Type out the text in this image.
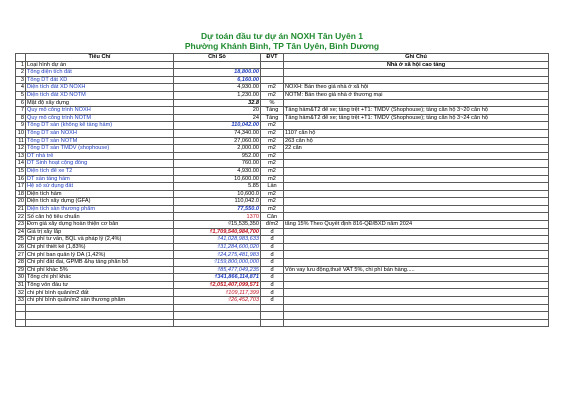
Dự toán đầu tư dự án NOXH Tân Uyên 1
Phường Khánh Bình, TP Tân Uyên, Bình Dương
	Tiêu Chí	Chỉ Số	ĐVT	Ghi Chú
1	Loại hình dự án			Nhà ở xã hội cao tầng
2	Tổng diện tích đất	18,800.00		
3	Tổng DT đất XD	6,160.00		
4	Diện tích đất XD NOXH	4,930.00	m2	NOXH: Bán theo giá nhà ở xã hội
5	Diện tích đất XD NOTM	1,230.00	m2	NOTM: Bán theo giá nhà ở thương mại
6	Mật độ xây dựng	32.8	%	
7	Quy mô công trình NOXH	20	Tầng	Tầng hầm&T2 để xe; tầng trệt +T1: TMDV (Shophouse); tầng căn hộ 3~20 căn hộ
8	Quy mô công trình NOTM	24	Tầng	Tầng hầm&T2 để xe; tầng trệt +T1: TMDV (Shophouse); tầng căn hộ 3~24 căn hộ
9	Tổng DT sàn (không kể tầng hầm)	110,042.00	m2	
10	Tổng DT sàn NOXH	74,340.00	m2	1107 căn hộ
11	Tổng DT sàn NOTM	27,060.00	m2	263 căn hộ
12	Tổng DT sàn TMDV (shophouse)	2,000.00	m2	22 căn
13	DT nhà trẻ	952.00	m2	
14	DT Sinh hoạt cộng đồng	760.00	m2	
15	Diện tích để xe T2	4,930.00	m2	
16	DT sàn tầng hầm	10,600.00	m2	
17	Hệ số sử dụng đất	5.85	Lần	
18	Diện tích hầm	10,600.0	m2	
20	Diện tích xây dựng (GFA)	110,042.0	m2	
21	Diện tích sàn thương phẩm	77,550.0	m2	
22	Số căn hộ tiêu chuẩn	1370	Căn	
23	Đơn giá xây dựng hoàn thiện cơ bản	₫15,535,350	đ/m2	tăng 15% Theo Quyết định 816-QĐ/BXD năm 2024
24	Giá trị xây lắp	₫1,709,540,984,700	đ	
25	Chi phí tư vấn, BQL và pháp lý (2,4%)	₫41,028,983,633	đ	
26	Chi phí thiết kế (1,83%)	₫31,284,600,020	đ	
27	Chi phí ban quản lý DA (1,42%)	₫24,275,481,983	đ	
28	Chi phí đất đai, GPMB &hạ tầng phân bổ	₫159,800,000,000	đ	
29	Chi phí khác 5%	₫85,477,049,235	đ	Vốn vay lưu động,thuế VAT 5%, chi phí bán hàng.....
30	Tổng chi phí khác	₫341,866,114,871	đ	
31	Tổng vốn đầu tư	₫2,051,407,099,571	đ	
32	chi phí bình quân/m2 đất	₫109,117,399	đ	
33	chi phí bình quân/m2 sàn thương phẩm	₫26,452,703	đ	
